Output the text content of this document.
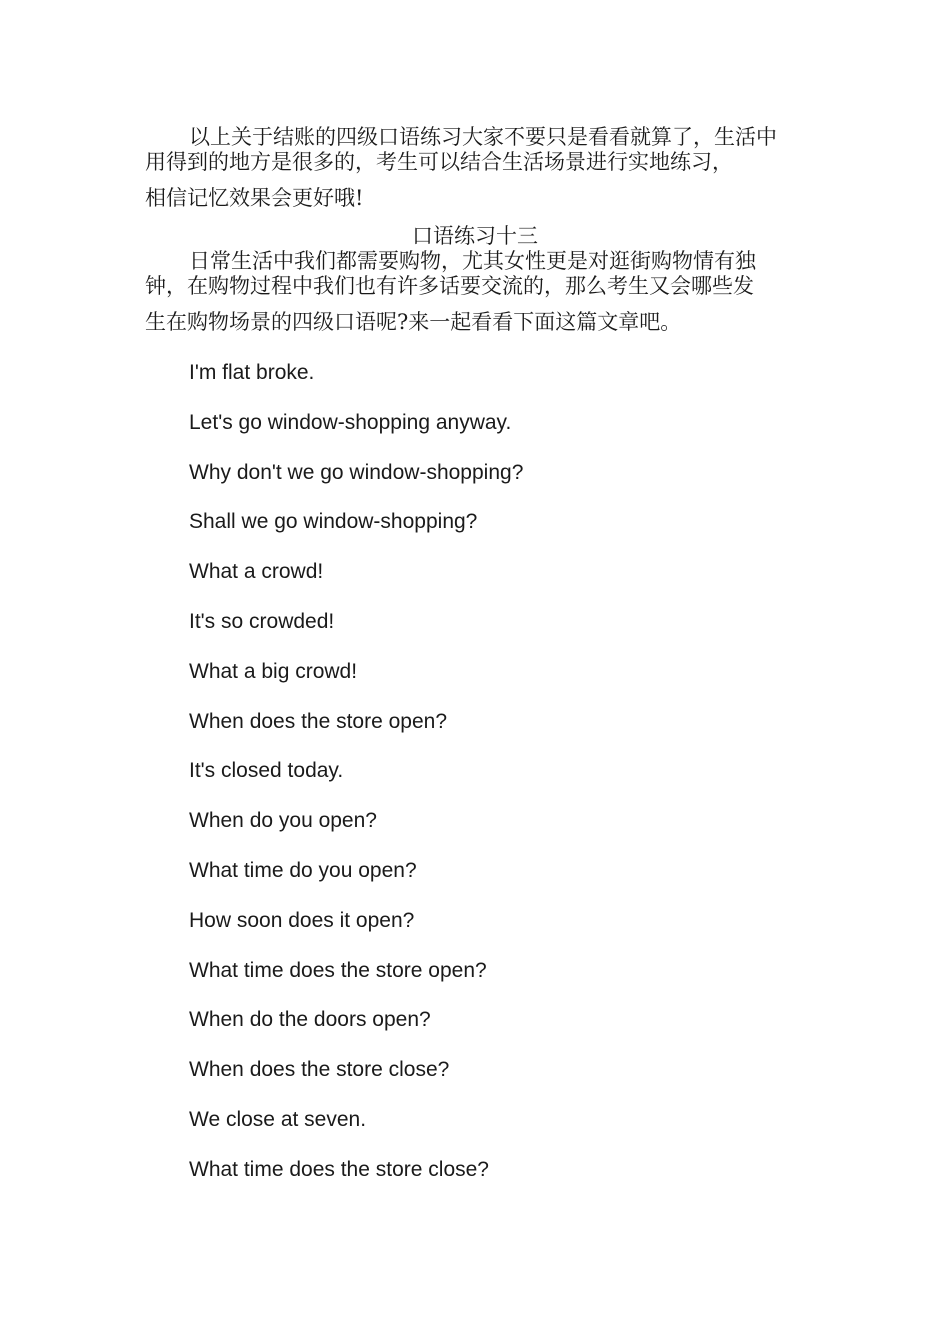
以上关于结账的四级口语练习大家不要只是看看就算了，生活中用得到的地方是很多的，考生可以结合生活场景进行实地练习，
相信记忆效果会更好哦!

口语练习十三

日常生活中我们都需要购物，尤其女性更是对逛街购物情有独钟，在购物过程中我们也有许多话要交流的，那么考生又会哪些发
生在购物场景的四级口语呢?来一起看看下面这篇文章吧。

I'm flat broke.
Let's go window-shopping anyway.
Why don't we go window-shopping?
Shall we go window-shopping?
What a crowd!
It's so crowded!
What a big crowd!
When does the store open?
It's closed today.
When do you open?
What time do you open?
How soon does it open?
What time does the store open?
When do the doors open?
When does the store close?
We close at seven.
What time does the store close?
